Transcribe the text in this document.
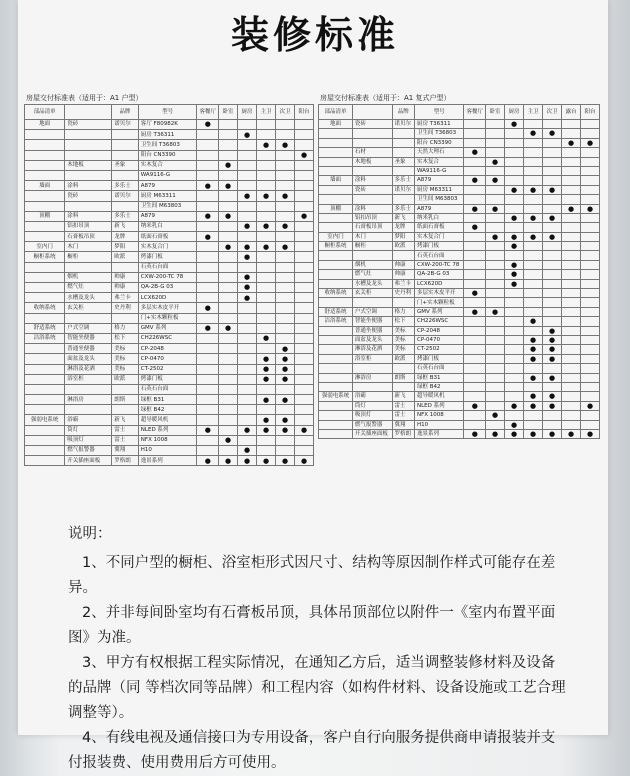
装修标准
房屋交付标准表（适用于：A1 户型）
部品清单		品牌	型号	客餐厅	卧室	厨房	主卫	次卫	阳台
地面	瓷砖	诺贝尔	客厅 F80982K	●					
			厨房 T36311			●			
			卫生间 T36803				●	●	
			阳台 CN3390						●
	木地板	圣象	实木复合		●				
			WA9116-G						
墙面	涂料	多乐士	A879	●	●				
	瓷砖	诺贝尔	厨房 M63311			●	●	●	
			卫生间 M63803						
顶棚	涂料	多乐士	A879	●	●				●
	铝扣吊顶	新飞	纳米乳白			●	●	●	
	石膏板吊顶	龙牌	纸面石膏板	●					
室内门	木门	梦阳	实木复合门		●	●	●	●	
橱柜系统	橱柜	欧派	烤漆门板			●			
			石英石台面						
	烟机	帅康	CXW-200-TC 78			●			
	燃气灶	帅康	QA-2B-G 03			●			
	水槽及龙头	弗兰卡	LCX620D			●			
收纳系统	玄关柜	史丹利	多层实木皮平开	●					
			门+实木颗粒板						
舒适系统	户式空调	格力	GMV 系列	●	●				
洁浴系统	智能坐便器	松下	CH226WSC				●		
	普通坐便器	美标	CP-2048					●	
	面盆及龙头	美标	CP-0470				●	●	
	淋浴及花洒	美标	CT-2502				●	●	
	浴室柜	欧派	烤漆门板				●	●	
			石英石台面						
	淋浴房	朗斯	绿框 B31				●	●	
			绿框 B42						
强弱电系统	浴霸	新飞	超导暖风机				●	●	
	筒灯	雷士	NLED 系列	●		●	●	●	●
	吸顶灯	雷士	NFX 1008		●				
	燃气报警器	冀翔	H10			●			
	开关插座面板	罗格朗	逸景系列	●	●	●	●	●	●
房屋交付标准表（适用于：A1 复式户型）
部品清单		品牌	型号	客餐厅	卧室	厨房	主卫	次卫	露台	阳台
地面	瓷砖	诺贝尔	厨房 T36311			●				
			卫生间 T36803				●	●		
			阳台 CN3390						●	●
	石材		天然大理石	●						
	木地板	圣象	实木复合		●					
			WA9116-G							
墙面	涂料	多乐士	A879	●	●					
	瓷砖	诺贝尔	厨房 M63311			●	●	●		
			卫生间 M63803							
顶棚	涂料	多乐士	A879	●	●				●	●
	铝扣吊顶	新飞	纳米乳白			●	●	●		
	石膏板吊顶	龙牌	纸面石膏板	●						
室内门	木门	梦阳	实木复合门		●	●	●	●		
橱柜系统	橱柜	欧派	烤漆门板			●				
			石英石台面							
	烟机	帅康	CXW-200-TC 78			●				
	燃气灶	帅康	QA-2B-G 03			●				
	水槽及龙头	弗兰卡	LCX620D			●				
收纳系统	玄关柜	史丹利	多层实木皮平开	●						
			门+实木颗粒板							
舒适系统	户式空调	格力	GMV 系列	●	●					
洁浴系统	智能坐便器	松下	CH226WSC				●			
	普通坐便器	美标	CP-2048					●		
	面盆及龙头	美标	CP-0470				●	●		
	淋浴及花洒	美标	CT-2502				●	●		
	浴室柜	欧派	烤漆门板				●	●		
			石英石台面							
	淋浴房	朗斯	绿框 B31				●	●		
			绿框 B42							
强弱电系统	浴霸	新飞	超导暖风机				●	●		
	筒灯	雷士	NLED 系列	●		●	●	●		●
	吸顶灯	雷士	NFX 1008		●					
	燃气报警器	冀翔	H10			●				
	开关插座面板	罗格朗	逸景系列	●	●	●	●	●	●	●

说明：

1、不同户型的橱柜、浴室柜形式因尺寸、结构等原因制作样式可能存在差异。

2、并非每间卧室均有石膏板吊顶，具体吊顶部位以附件一《室内布置平面图》为准。

3、甲方有权根据工程实际情况，在通知乙方后，适当调整装修材料及设备的品牌（同 等档次同等品牌）和工程内容（如构件材料、设备设施或工艺合理调整等）。

4、有线电视及通信接口为专用设备，客户自行向服务提供商申请报装并支付报装费、使用费用后方可使用。
